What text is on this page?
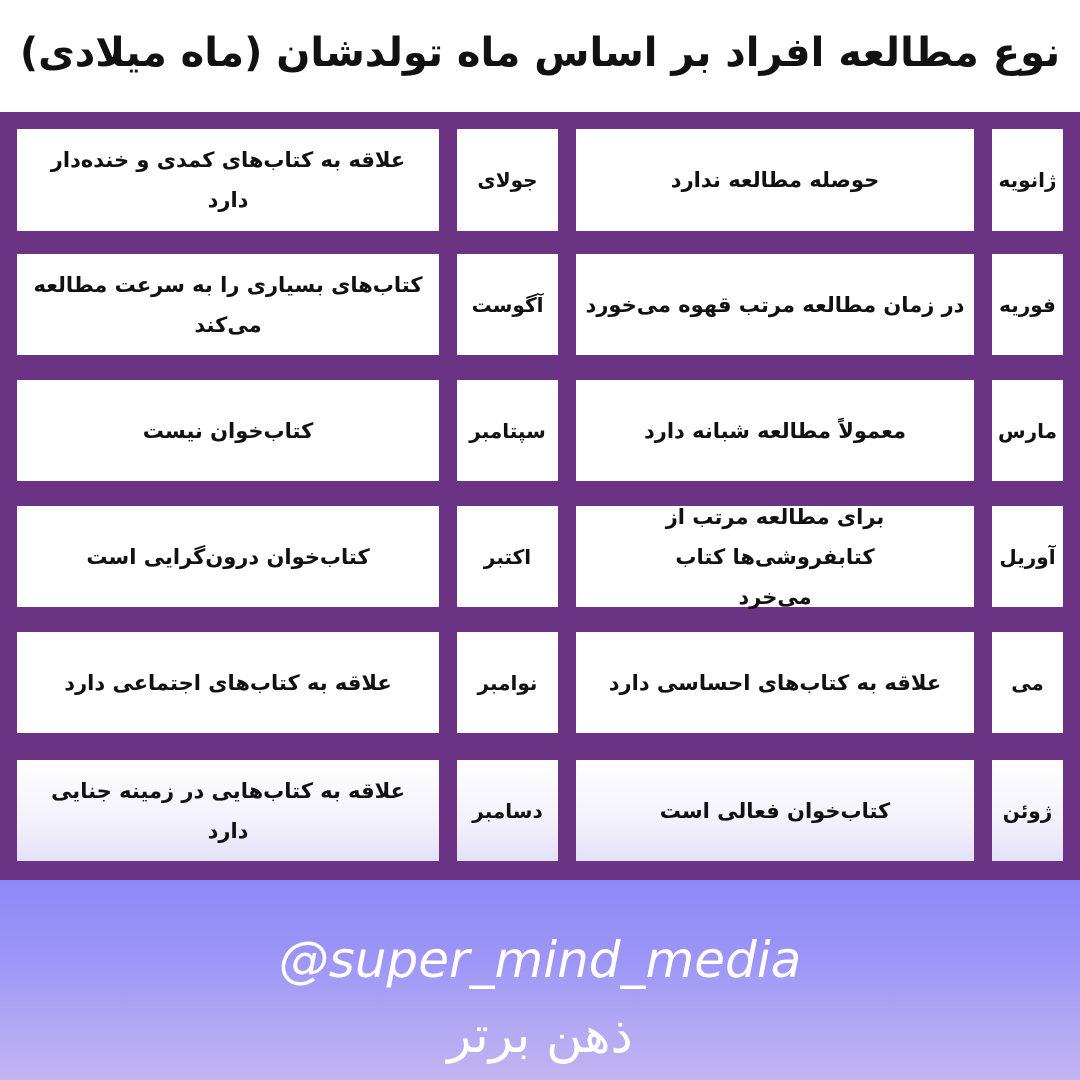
نوع مطالعه افراد بر اساس ماه تولدشان (ماه میلادی)
ژانویه
حوصله مطالعه ندارد
جولای
علاقه به کتاب‌های کمدی و خنده‌دار دارد
فوریه
در زمان مطالعه مرتب قهوه می‌خورد
آگوست
کتاب‌های بسیاری را به سرعت مطالعه می‌کند
مارس
معمولاً مطالعه شبانه دارد
سپتامبر
کتاب‌خوان نیست
آوریل
برای مطالعه مرتب از کتابفروشی‌ها کتاب می‌خرد
اکتبر
کتاب‌خوان درون‌گرایی است
می
علاقه به کتاب‌های احساسی دارد
نوامبر
علاقه به کتاب‌های اجتماعی دارد
ژوئن
کتاب‌خوان فعالی است
دسامبر
علاقه به کتاب‌هایی در زمینه جنایی دارد
@super_mind_media
ذهن برتر
